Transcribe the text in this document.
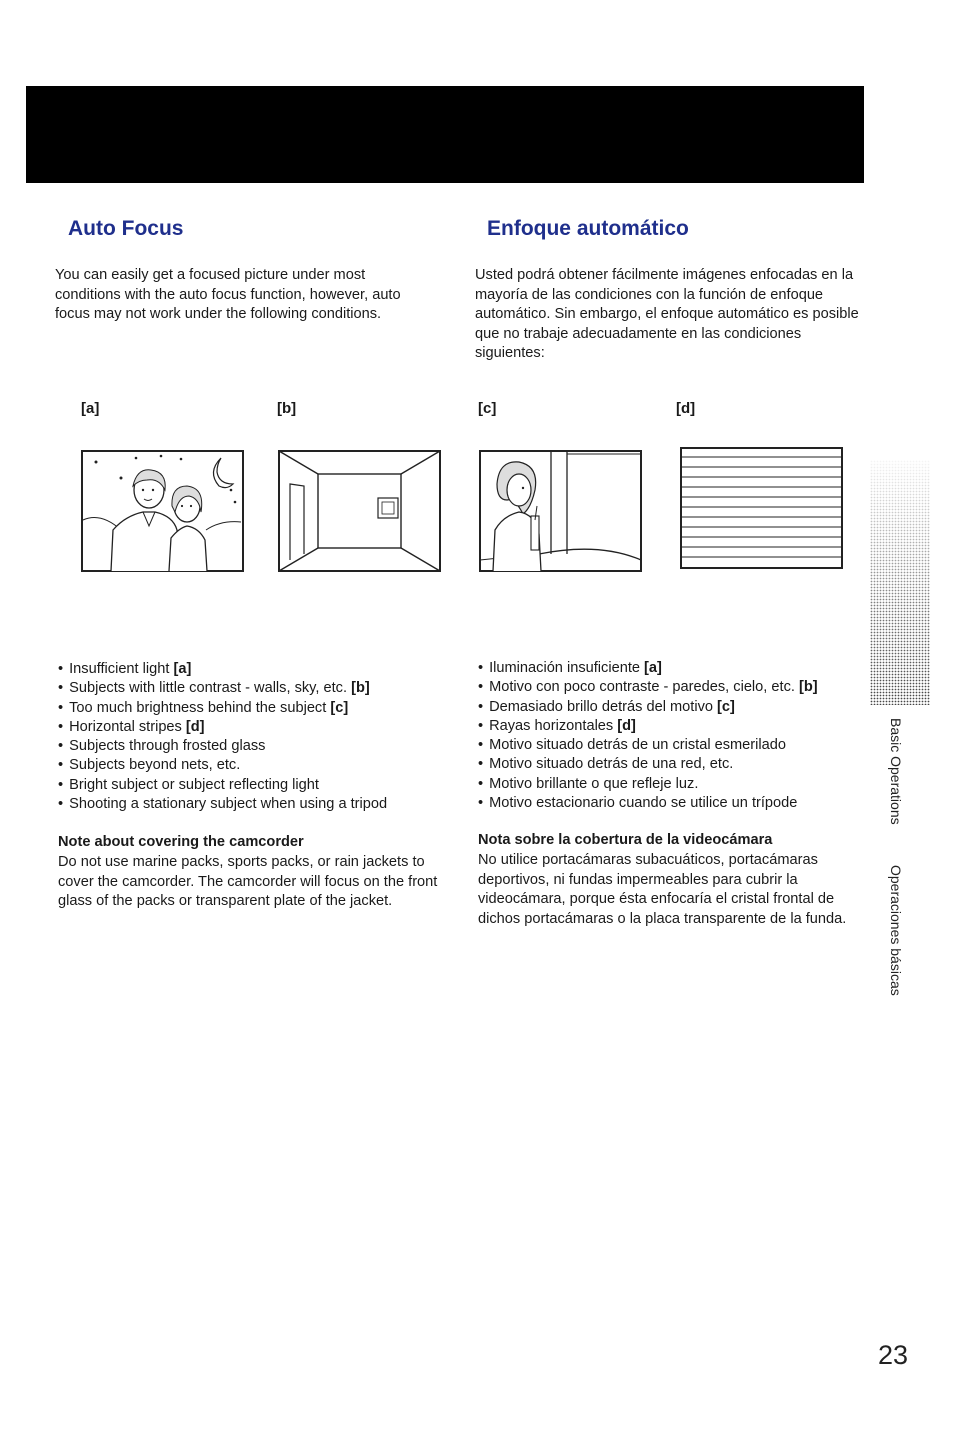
Auto Focus

You can easily get a focused picture under most conditions with the auto focus function, however, auto focus may not work under the following conditions.

Enfoque automático

Usted podrá obtener fácilmente imágenes enfocadas en la mayoría de las condiciones con la función de enfoque automático. Sin embargo, el enfoque automático es posible que no trabaje adecuadamente en las condiciones siguientes:

[a]	[b]	[c]	[d]
• Insufficient light [a]
• Subjects with little contrast - walls, sky, etc. [b]
• Too much brightness behind the subject [c]
• Horizontal stripes [d]
• Subjects through frosted glass
• Subjects beyond nets, etc.
• Bright subject or subject reflecting light
• Shooting a stationary subject when using a tripod
• Iluminación insuficiente [a]
• Motivo con poco contraste - paredes, cielo, etc. [b]
• Demasiado brillo detrás del motivo [c]
• Rayas horizontales [d]
• Motivo situado detrás de un cristal esmerilado
• Motivo situado detrás de una red, etc.
• Motivo brillante o que refleje luz.
• Motivo estacionario cuando se utilice un trípode
Note about covering the camcorder

Do not use marine packs, sports packs, or rain jackets to cover the camcorder. The camcorder will focus on the front glass of the packs or transparent plate of the jacket.

Nota sobre la cobertura de la videocámara

No utilice portacámaras subacuáticos, portacámaras deportivos, ni fundas impermeables para cubrir la videocámara, porque ésta enfocaría el cristal frontal de dichos portacámaras o la placa transparente de la funda.

Basic Operations
Operaciones básicas
23
